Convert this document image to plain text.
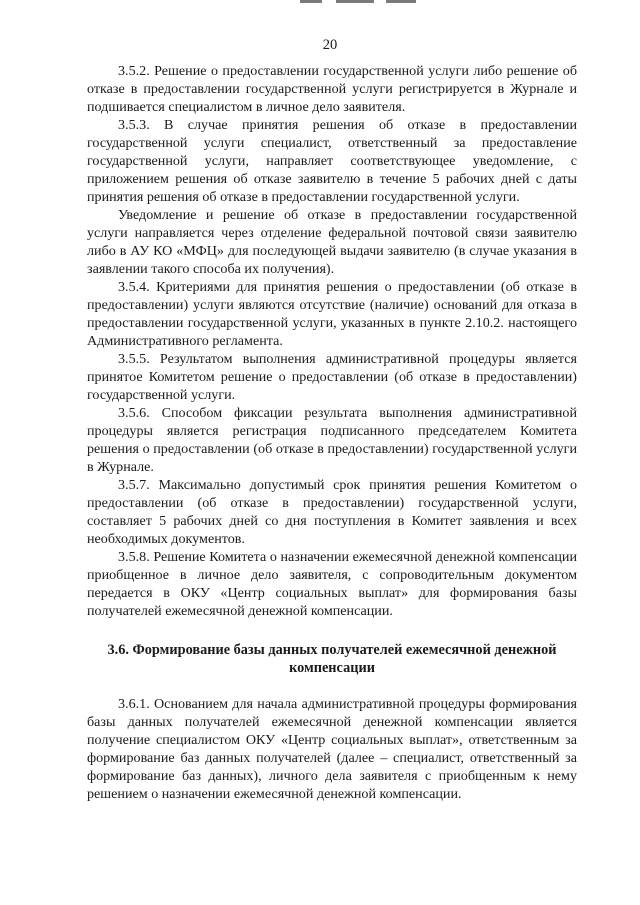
20

3.5.2. Решение о предоставлении государственной услуги либо решение об отказе в предоставлении государственной услуги регистрируется в Журнале и подшивается специалистом в личное дело заявителя.

3.5.3. В случае принятия решения об отказе в предоставлении государственной услуги специалист, ответственный за предоставление государственной услуги, направляет соответствующее уведомление, с приложением решения об отказе заявителю в течение 5 рабочих дней с даты принятия решения об отказе в предоставлении государственной услуги.

Уведомление и решение об отказе в предоставлении государственной услуги направляется через отделение федеральной почтовой связи заявителю либо в АУ КО «МФЦ» для последующей выдачи заявителю (в случае указания в заявлении такого способа их получения).

3.5.4. Критериями для принятия решения о предоставлении (об отказе в предоставлении) услуги являются отсутствие (наличие) оснований для отказа в предоставлении государственной услуги, указанных в пункте 2.10.2. настоящего Административного регламента.

3.5.5. Результатом выполнения административной процедуры является принятое Комитетом решение о предоставлении (об отказе в предоставлении) государственной услуги.

3.5.6. Способом фиксации результата выполнения административной процедуры является регистрация подписанного председателем Комитета решения о предоставлении (об отказе в предоставлении) государственной услуги в Журнале.

3.5.7. Максимально допустимый срок принятия решения Комитетом о предоставлении (об отказе в предоставлении) государственной услуги, составляет 5 рабочих дней со дня поступления в Комитет заявления и всех необходимых документов.

3.5.8. Решение Комитета о назначении ежемесячной денежной компенсации приобщенное в личное дело заявителя, с сопроводительным документом передается в ОКУ «Центр социальных выплат» для формирования базы получателей ежемесячной денежной компенсации.

3.6. Формирование базы данных получателей ежемесячной денежной компенсации

3.6.1. Основанием для начала административной процедуры формирования базы данных получателей ежемесячной денежной компенсации является получение специалистом ОКУ «Центр социальных выплат», ответственным за формирование баз данных получателей (далее – специалист, ответственный за формирование баз данных), личного дела заявителя с приобщенным к нему решением о назначении ежемесячной денежной компенсации.
